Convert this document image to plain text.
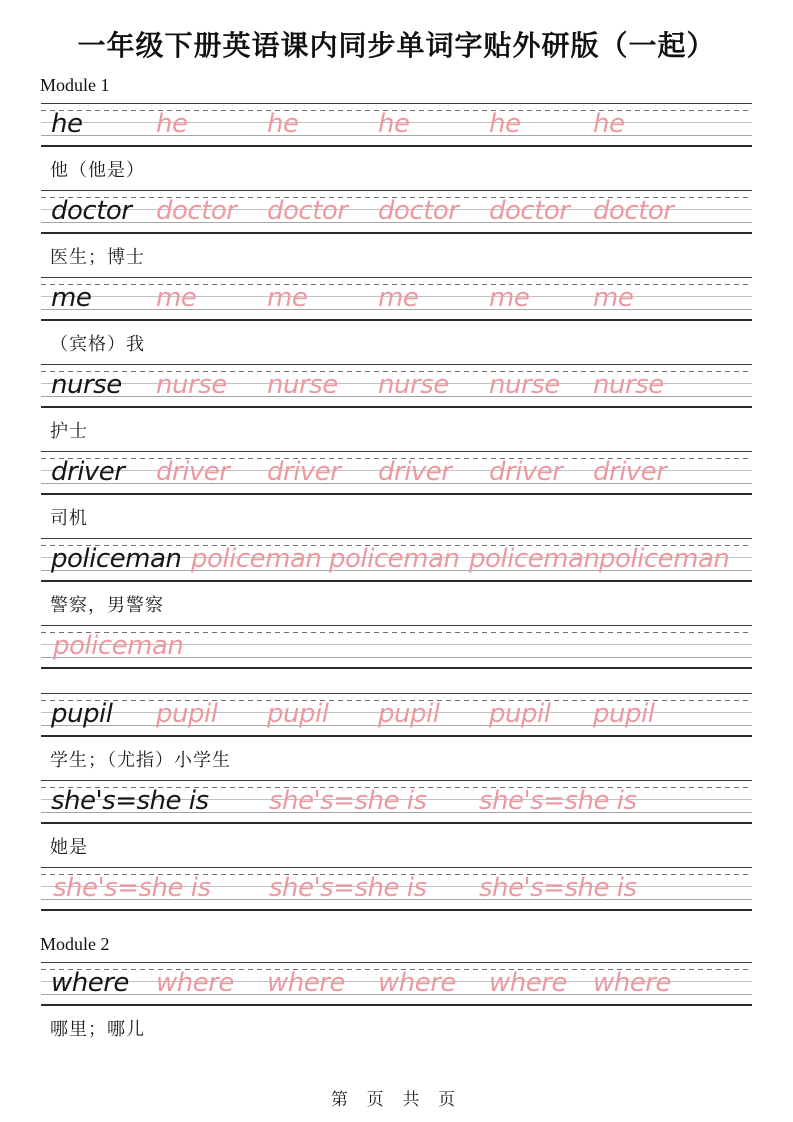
一年级下册英语课内同步单词字贴外研版（一起）
Module 1
he	he	he	he	he	he
他（他是）
doctor doctor doctor doctor doctor doctor
医生；博士
me me	me	me	me me
（宾格）我
nurse nurse nurse nurse nurse nurse
护士
driver driver driver driver driver driver
司机
policeman policeman policeman policeman policeman
警察，男警察
policeman
pupil pupil pupil pupil pupil pupil
学生；（尤指）小学生
she's=she is she's=she is she's=she is
她是
she's=she is she's=she is she's=she is
Module 2
where where where where where where
哪里；哪儿
第 页 共 页
